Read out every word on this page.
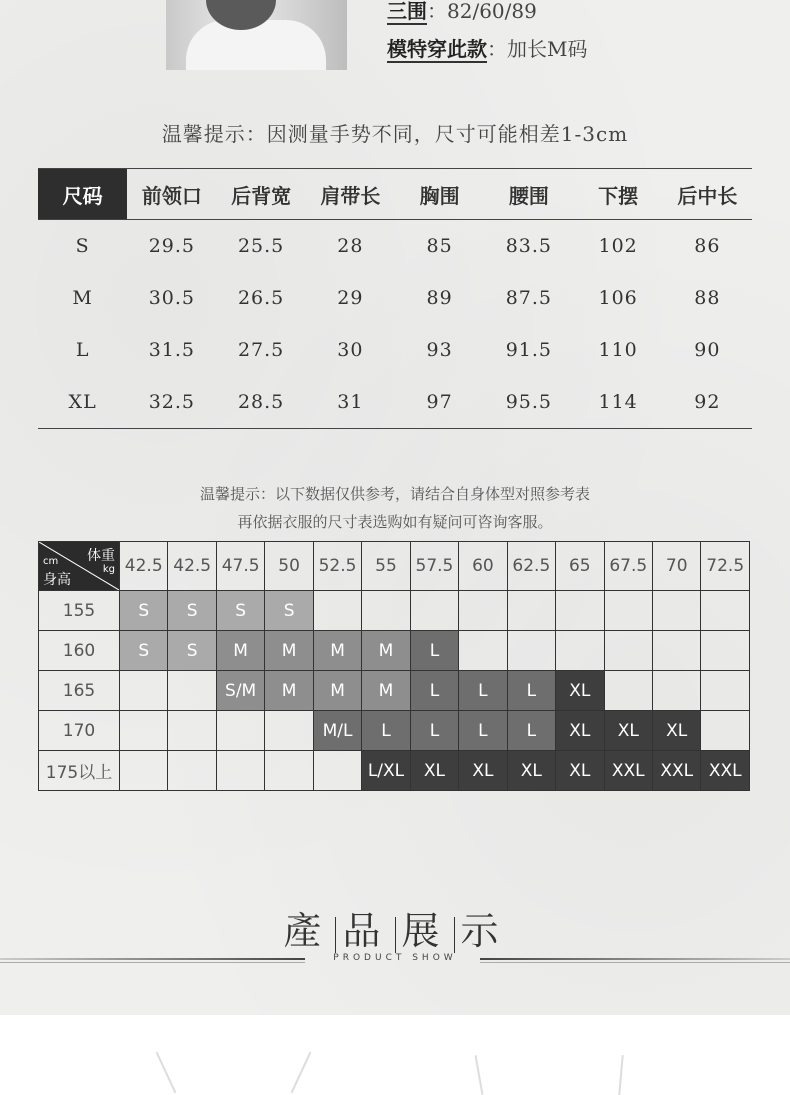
三围：82/60/89
模特穿此款：加长M码
温馨提示：因测量手势不同，尺寸可能相差1-3cm
尺码	前领口	后背宽	肩带长	胸围	腰围	下摆	后中长
S	29.5	25.5	28	85	83.5	102	86
M	30.5	26.5	29	89	87.5	106	88
L	31.5	27.5	30	93	91.5	110	90
XL	32.5	28.5	31	97	95.5	114	92
温馨提示：以下数据仅供参考，请结合自身体型对照参考表
再依据衣服的尺寸表选购如有疑问可咨询客服。
体重
kg
cm
身高	42.5	42.5	47.5	50	52.5	55	57.5	60	62.5	65	67.5	70	72.5
155	S	S	S	S									
160	S	S	M	M	M	M	L						
165			S/M	M	M	M	L	L	L	XL			
170					M/L	L	L	L	L	XL	XL	XL	
175以上						L/XL	XL	XL	XL	XL	XXL	XXL	XXL
產 品 展 示
PRODUCT SHOW
